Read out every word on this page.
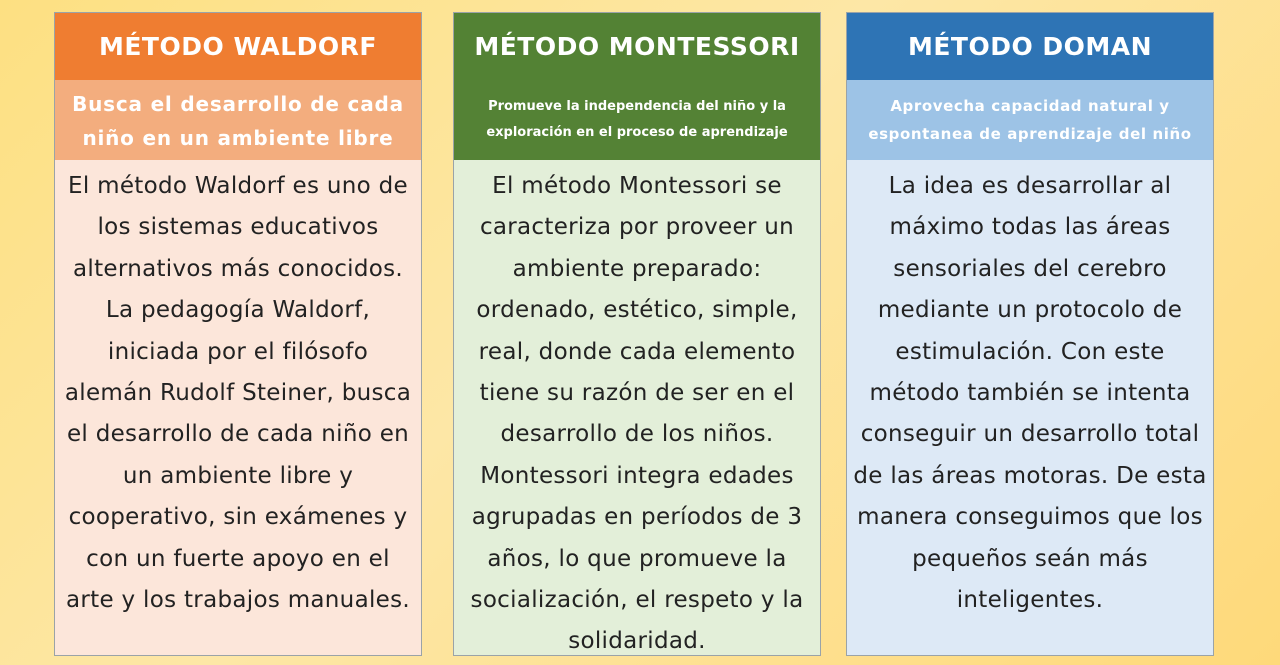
MÉTODO WALDORF
Busca el desarrollo de cada niño en un ambiente libre

El método Waldorf es uno de los sistemas educativos alternativos más conocidos. La pedagogía Waldorf, iniciada por el filósofo alemán Rudolf Steiner, busca el desarrollo de cada niño en un ambiente libre y cooperativo, sin exámenes y con un fuerte apoyo en el arte y los trabajos manuales.

MÉTODO MONTESSORI
Promueve la independencia del niño y la exploración en el proceso de aprendizaje

El método Montessori se caracteriza por proveer un ambiente preparado: ordenado, estético, simple, real, donde cada elemento tiene su razón de ser en el desarrollo de los niños. Montessori integra edades agrupadas en períodos de 3 años, lo que promueve la socialización, el respeto y la solidaridad.

MÉTODO DOMAN
Aprovecha capacidad natural y espontanea de aprendizaje del niño

La idea es desarrollar al máximo todas las áreas sensoriales del cerebro mediante un protocolo de estimulación. Con este método también se intenta conseguir un desarrollo total de las áreas motoras. De esta manera conseguimos que los pequeños seán más inteligentes.
